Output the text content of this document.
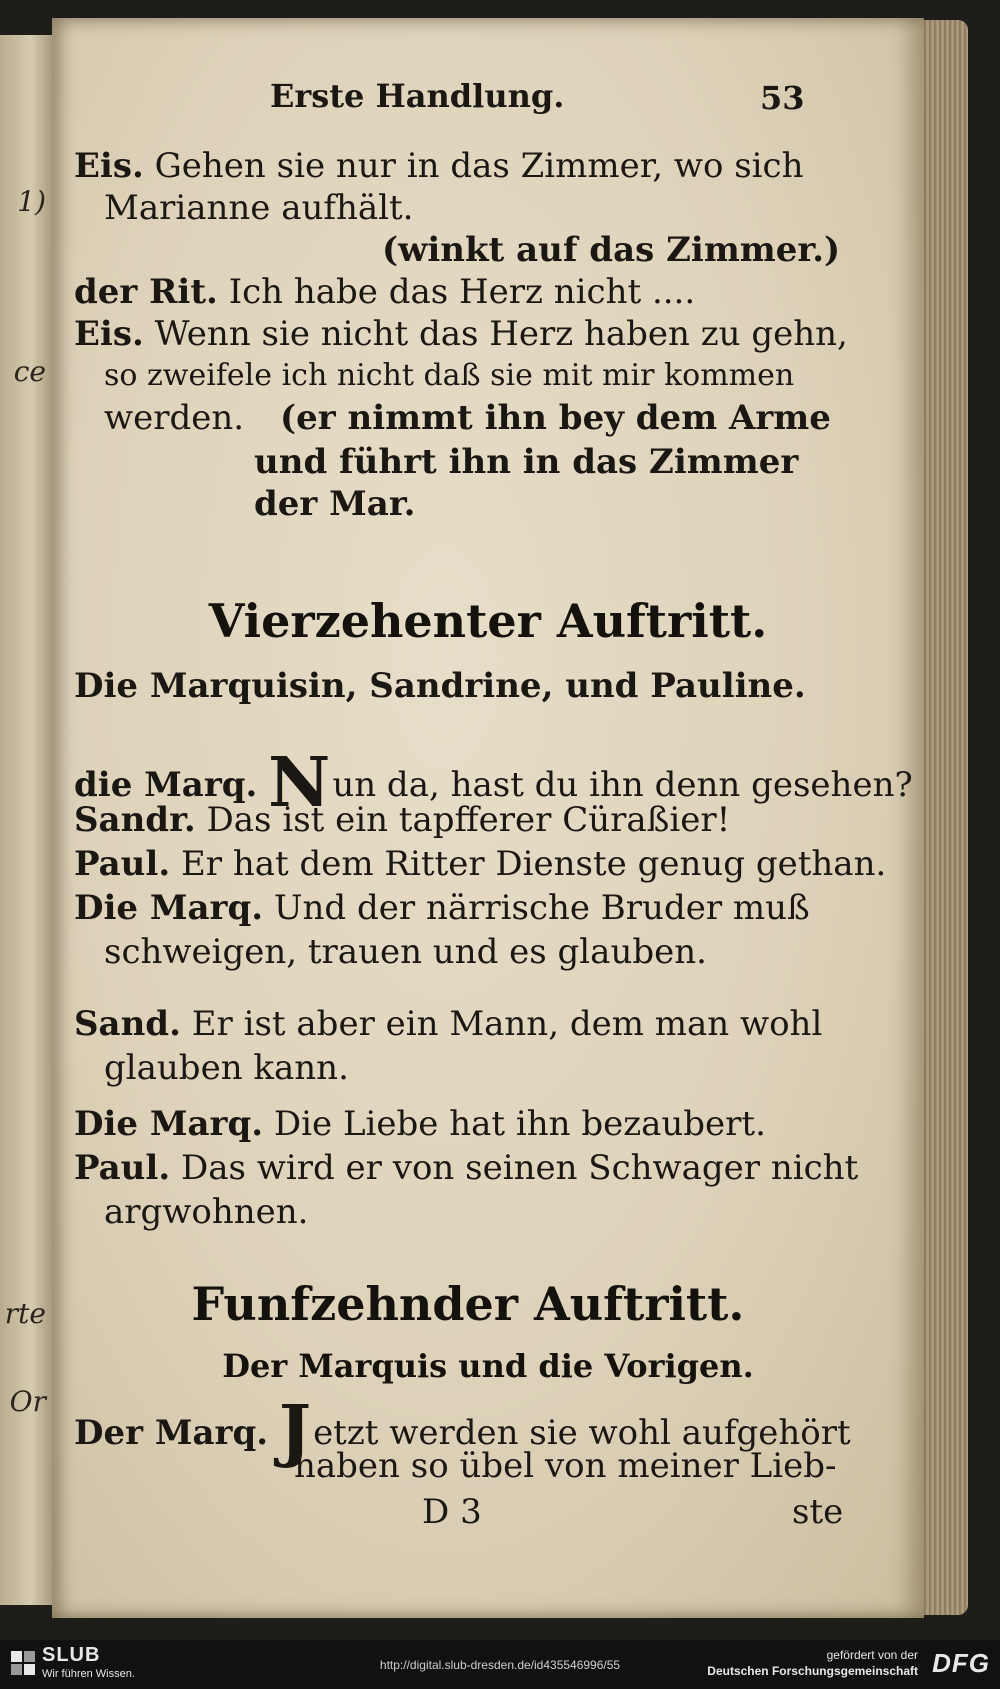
1)
ce
rte
Or
Erste Handlung.	53
Eis. Gehen sie nur in das Zimmer, wo sich
Marianne aufhält.
(winkt auf das Zimmer.)
der Rit. Ich habe das Herz nicht ....
Eis. Wenn sie nicht das Herz haben zu gehn,
so zweifele ich nicht daß sie mit mir kommen
werden. (er nimmt ihn bey dem Arme
und führt ihn in das Zimmer
der Mar.
Vierzehenter Auftritt.
Die Marquisin, Sandrine, und Pauline.
die Marq. Nun da, hast du ihn denn gesehen?
Sandr. Das ist ein tapfferer Cüraßier!
Paul. Er hat dem Ritter Dienste genug gethan.
Die Marq. Und der närrische Bruder muß
schweigen, trauen und es glauben.
Sand. Er ist aber ein Mann, dem man wohl
glauben kann.
Die Marq. Die Liebe hat ihn bezaubert.
Paul. Das wird er von seinen Schwager nicht
argwohnen.
Funfzehnder Auftritt.
Der Marquis und die Vorigen.
Der Marq. Jetzt werden sie wohl aufgehört
haben so übel von meiner Lieb-
D 3	ste
SLUB
Wir führen Wissen.
http://digital.slub-dresden.de/id435546996/55
gefördert von der
Deutschen Forschungsgemeinschaft DFG
